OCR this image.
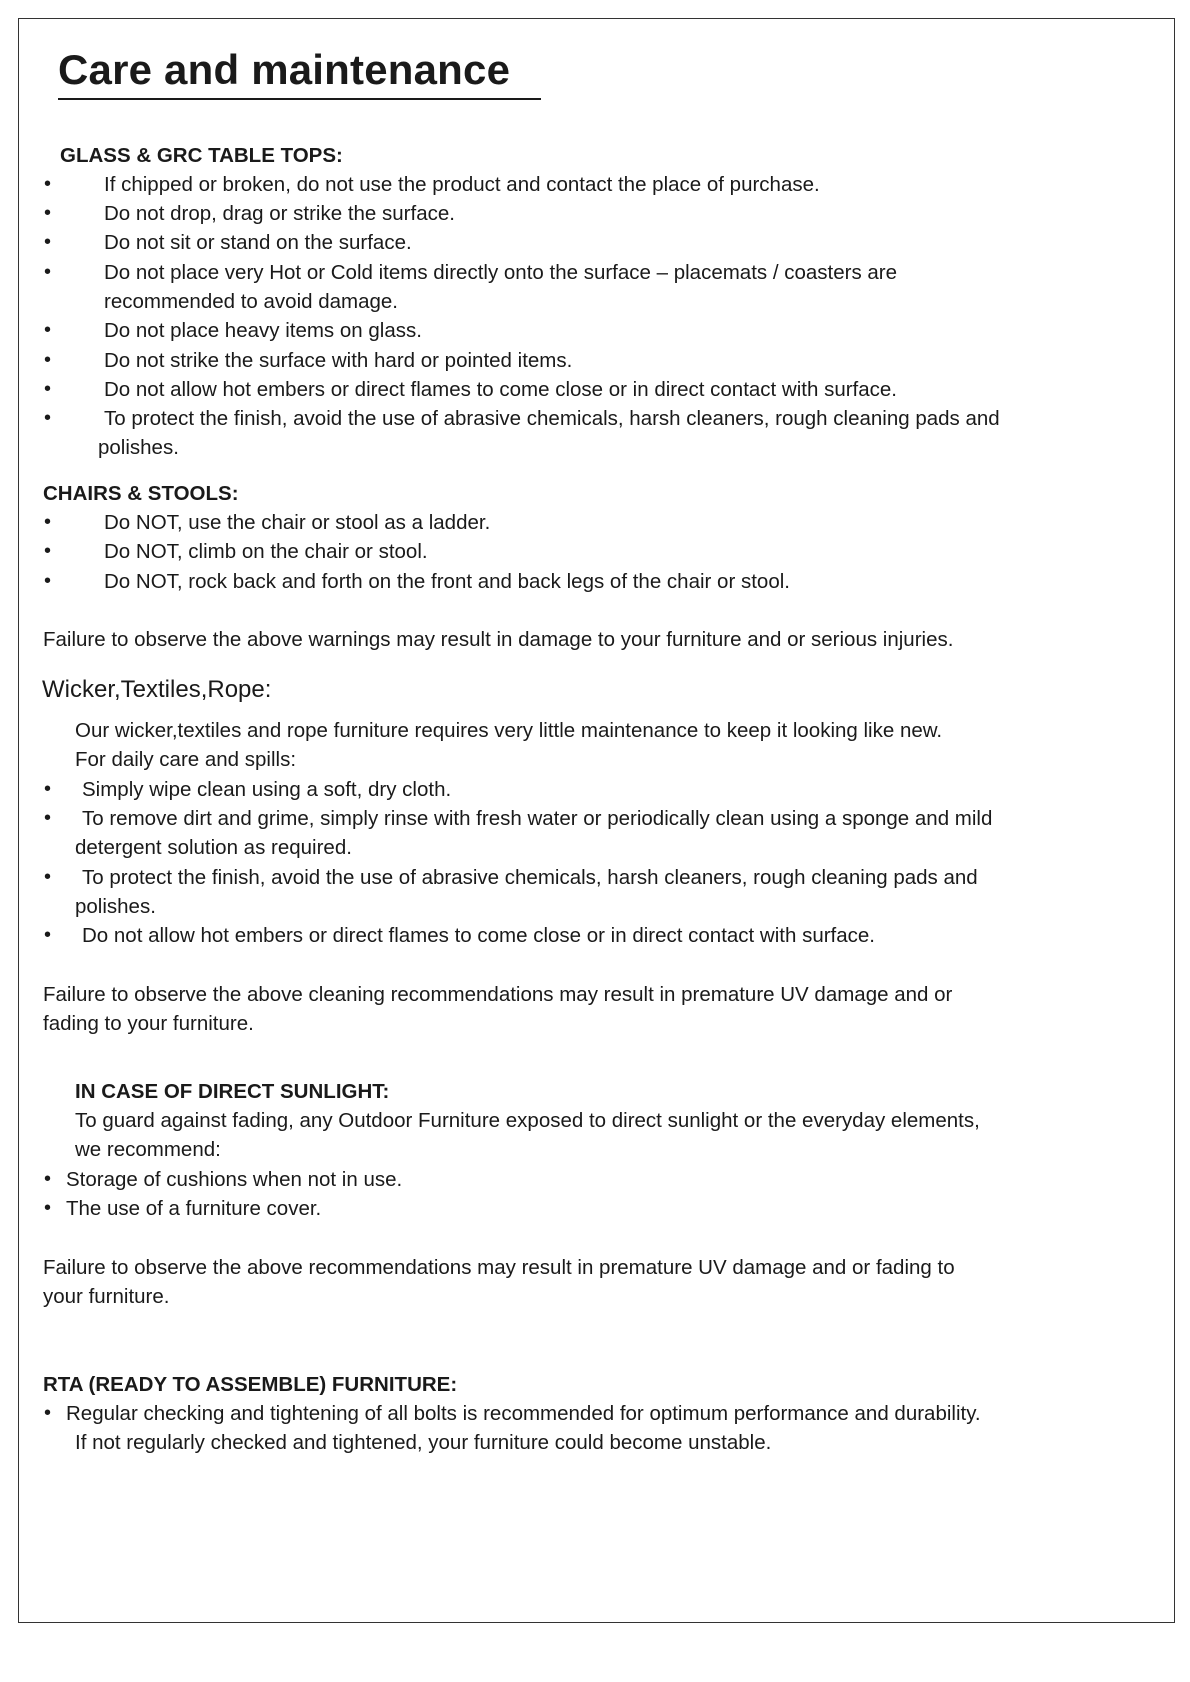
Care and maintenance
GLASS & GRC TABLE TOPS:
•	If chipped or broken, do not use the product and contact the place of purchase.
•	Do not drop, drag or strike the surface.
•	Do not sit or stand on the surface.
•	Do not place very Hot or Cold items directly onto the surface – placemats / coasters are
recommended to avoid damage.
•	Do not place heavy items on glass.
•	Do not strike the surface with hard or pointed items.
•	Do not allow hot embers or direct flames to come close or in direct contact with surface.
•	To protect the finish, avoid the use of abrasive chemicals, harsh cleaners, rough cleaning pads and
polishes.
CHAIRS & STOOLS:
•	Do NOT, use the chair or stool as a ladder.
•	Do NOT, climb on the chair or stool.
•	Do NOT, rock back and forth on the front and back legs of the chair or stool.
Failure to observe the above warnings may result in damage to your furniture and or serious injuries.
Wicker,Textiles,Rope:
Our wicker,textiles and rope furniture requires very little maintenance to keep it looking like new.
For daily care and spills:
• Simply wipe clean using a soft, dry cloth.
• To remove dirt and grime, simply rinse with fresh water or periodically clean using a sponge and mild
detergent solution as required.
• To protect the finish, avoid the use of abrasive chemicals, harsh cleaners, rough cleaning pads and
polishes.
• Do not allow hot embers or direct flames to come close or in direct contact with surface.
Failure to observe the above cleaning recommendations may result in premature UV damage and or
fading to your furniture.
IN CASE OF DIRECT SUNLIGHT:
To guard against fading, any Outdoor Furniture exposed to direct sunlight or the everyday elements,
we recommend:
• Storage of cushions when not in use.
• The use of a furniture cover.
Failure to observe the above recommendations may result in premature UV damage and or fading to
your furniture.
RTA (READY TO ASSEMBLE) FURNITURE:
• Regular checking and tightening of all bolts is recommended for optimum performance and durability.
If not regularly checked and tightened, your furniture could become unstable.
